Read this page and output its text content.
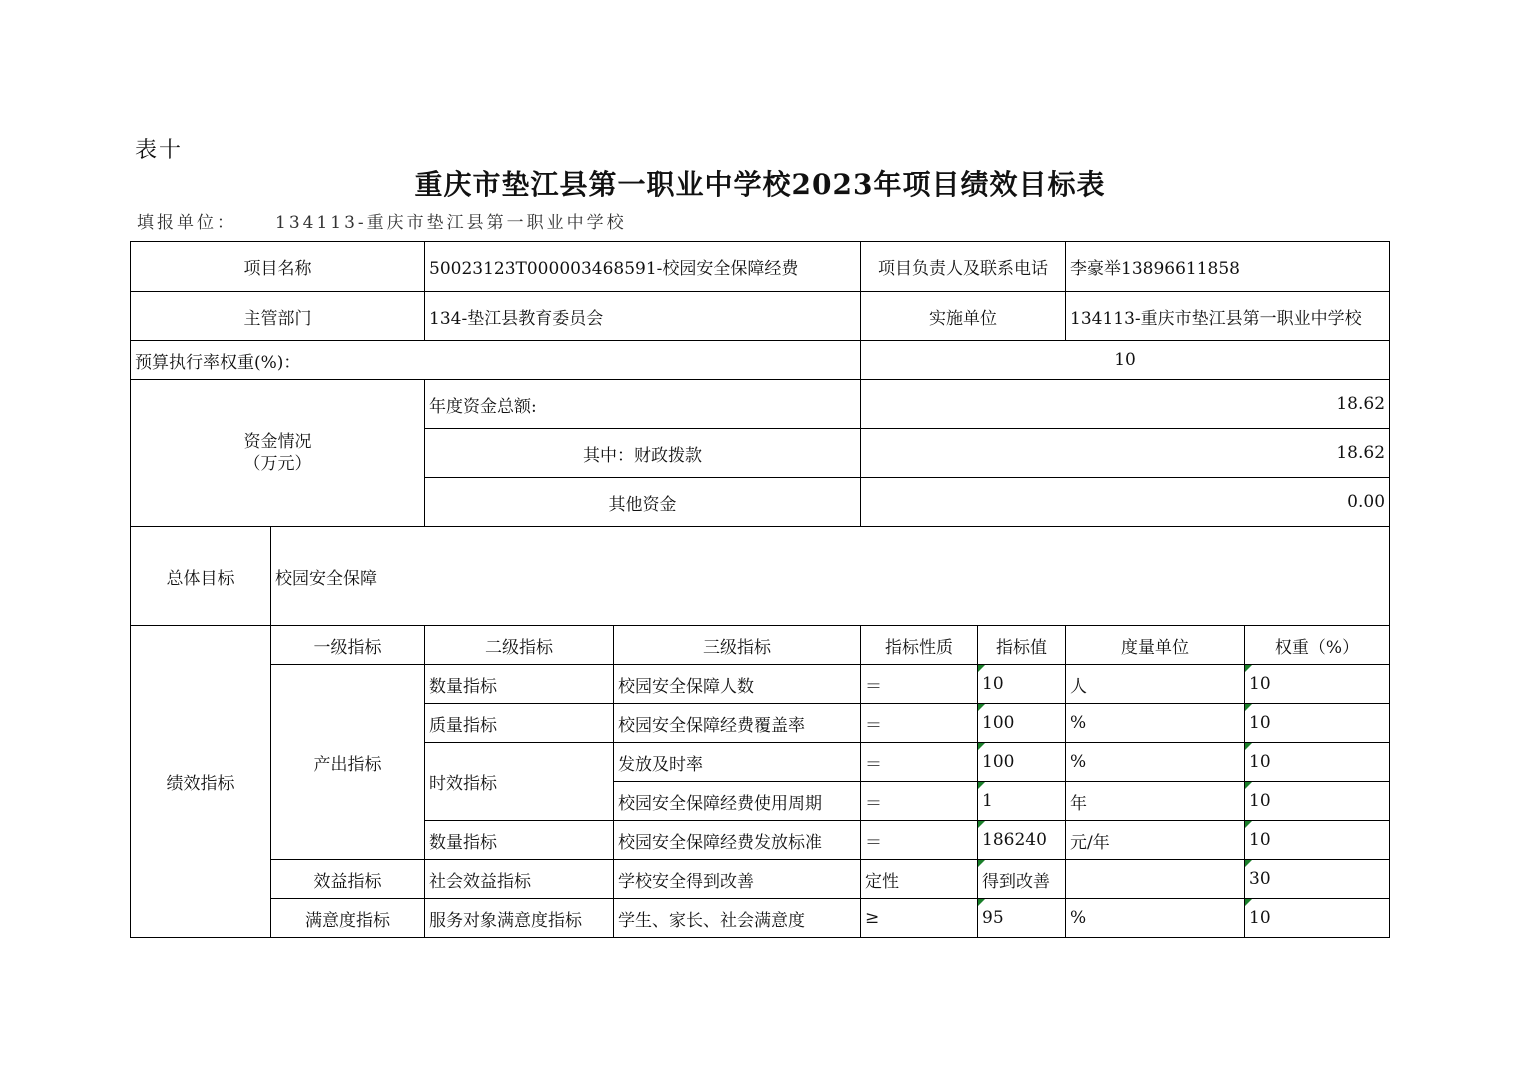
表十
重庆市垫江县第一职业中学校2023年项目绩效目标表
填报单位： 134113-重庆市垫江县第一职业中学校
项目名称		50023123T000003468591-校园安全保障经费		项目负责人及联系电话		李豪举13896611858	
主管部门		134-垫江县教育委员会		实施单位		134113-重庆市垫江县第一职业中学校	
预算执行率权重(%)：				10			
资金情况
（万元）		年度资金总额:		18.62			
		其中：财政拨款		18.62			
		其他资金		0.00			
总体目标	校园安全保障						
绩效指标	一级指标	二级指标	三级指标	指标性质	指标值	度量单位	权重（%）
	产出指标	数量指标	校园安全保障人数	＝	10	人	10
		质量指标	校园安全保障经费覆盖率	＝	100	%	10
		时效指标	发放及时率	＝	100	%	10
			校园安全保障经费使用周期	＝	1	年	10
		数量指标	校园安全保障经费发放标准	＝	186240	元/年	10
	效益指标	社会效益指标	学校安全得到改善	定性	得到改善		30
	满意度指标	服务对象满意度指标	学生、家长、社会满意度	≥	95	%	10
